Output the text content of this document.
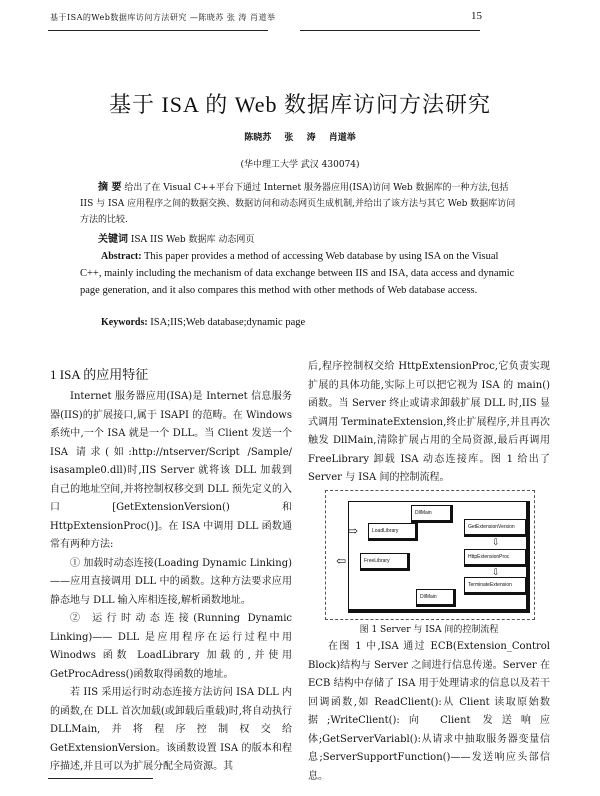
基于ISA的Web数据库访问方法研究 —陈晓苏 张 涛 肖道举	15
基于 ISA 的 Web 数据库访问方法研究
陈晓苏 张 涛 肖道举
(华中理工大学 武汉 430074)
摘 要 给出了在 Visual C++平台下通过 Internet 服务器应用(ISA)访问 Web 数据库的一种方法,包括 IIS 与 ISA 应用程序之间的数据交换、数据访问和动态网页生成机制,并给出了该方法与其它 Web 数据库访问方法的比较.
关键词 ISA IIS Web 数据库 动态网页
Abstract: This paper provides a method of accessing Web database by using ISA on the Visual C++, mainly including the mechanism of data exchange between IIS and ISA, data access and dynamic page generation, and it also compares this method with other methods of Web database access.
Keywords: ISA;IIS;Web database;dynamic page
1 ISA 的应用特征

Internet 服务器应用(ISA)是 Internet 信息服务器(IIS)的扩展接口,属于 ISAPI 的范畴。在 Windows 系统中,一个 ISA 就是一个 DLL。当 Client 发送一个 ISA 请求(如:http://ntserver/Script /Sample/ isasample0.dll)时,IIS Server 就将该 DLL 加载到自己的地址空间,并将控制权移交到 DLL 预先定义的入口[GetExtensionVersion()和 HttpExtensionProc()]。在 ISA 中调用 DLL 函数通常有两种方法:

① 加载时动态连接(Loading Dynamic Linking)——应用直接调用 DLL 中的函数。这种方法要求应用静态地与 DLL 输入库相连接,解析函数地址。

② 运行时动态连接(Running Dynamic Linking)—— DLL 是应用程序在运行过程中用 Winodws 函数 LoadLibrary 加载的,并使用 GetProcAdress()函数取得函数的地址。

若 IIS 采用运行时动态连接方法访问 ISA DLL 内的函数,在 DLL 首次加载(或卸载后重载)时,将自动执行 DLLMain,并将程序控制权交给 GetExtensionVersion。该函数设置 ISA 的版本和程序描述,并且可以为扩展分配全局资源。其

后,程序控制权交给 HttpExtensionProc,它负责实现扩展的具体功能,实际上可以把它视为 ISA 的 main()函数。当 Server 终止或请求卸载扩展 DLL 时,IIS 显式调用 TerminateExtension,终止扩展程序,并且再次触发 DllMain,清除扩展占用的全局资源,最后再调用 FreeLibrary 卸载 ISA 动态连接库。图 1 给出了 Server 与 ISA 间的控制流程。

DllMain
LoadLibrary
GetExtensionVersion
HttpExtensionProc
FreeLibrary
TerminateExtension
DllMain
⇨
⇦
⇩
⇩
图 1 Server 与 ISA 间的控制流程

在图 1 中,ISA 通过 ECB(Extension_Control Block)结构与 Server 之间进行信息传递。Server 在 ECB 结构中存储了 ISA 用于处理请求的信息以及若干回调函数,如 ReadClient():从 Client 读取原始数据;WriteClient():向 Client 发送响应体;GetServerVariabl():从请求中抽取服务器变量信息;ServerSupportFunction()——发送响应头部信息。
